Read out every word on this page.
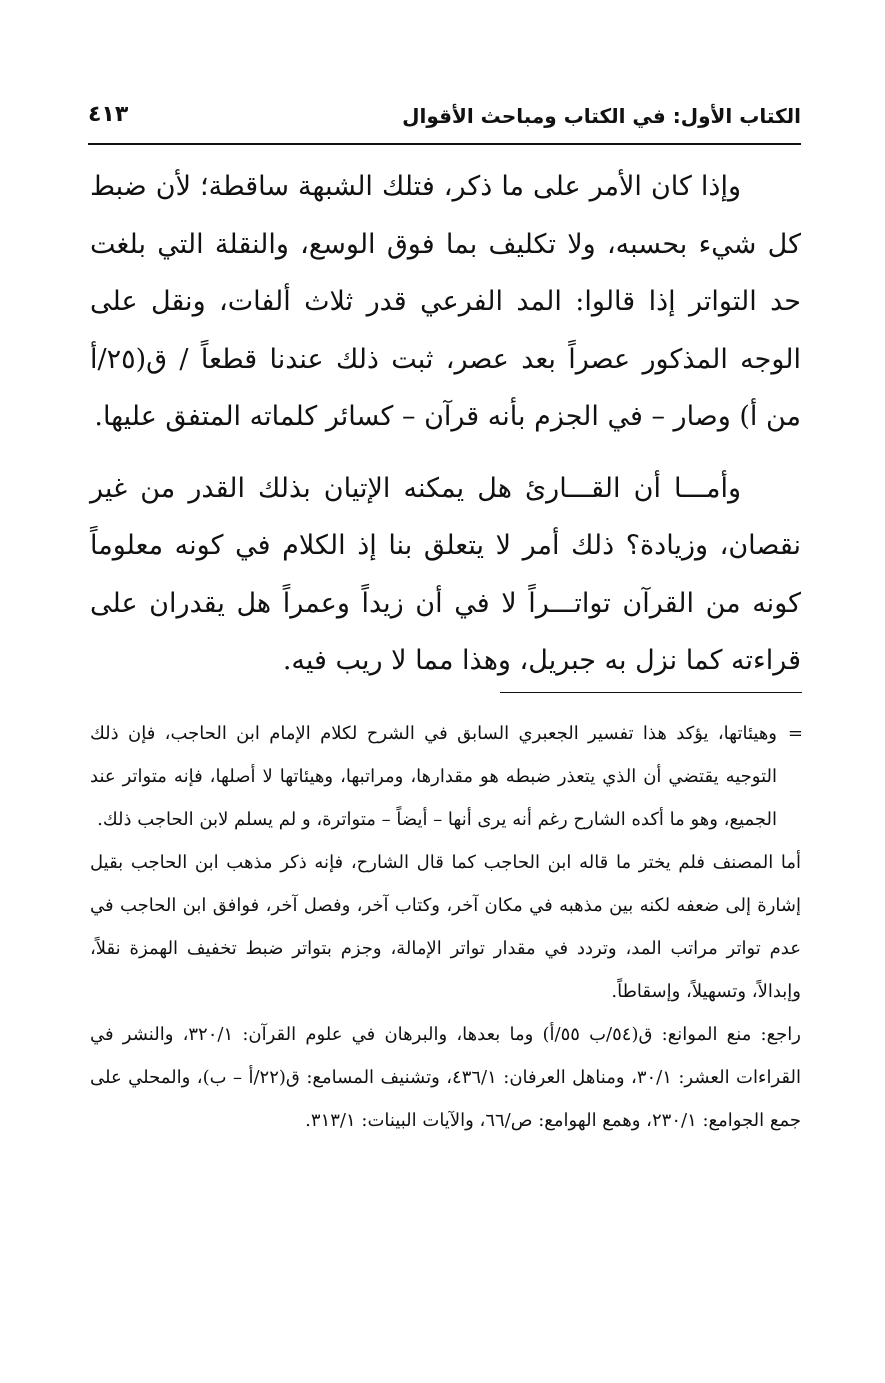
الكتاب الأول: في الكتاب ومباحث الأقوال
٤١٣

وإذا كان الأمر على ما ذكر، فتلك الشبهة ساقطة؛ لأن ضبط كل شيء بحسبه، ولا تكليف بما فوق الوسع، والنقلة التي بلغت حد التواتر إذا قالوا: المد الفرعي قدر ثلاث ألفات، ونقل على الوجه المذكور عصراً بعد عصر، ثبت ذلك عندنا قطعاً / ق(٢٥/أ من أ) وصار – في الجزم بأنه قرآن – كسائر كلماته المتفق عليها.

وأمـــا أن القـــارئ هل يمكنه الإتيان بذلك القدر من غير نقصان، وزيادة؟ ذلك أمر لا يتعلق بنا إذ الكلام في كونه معلوماً كونه من القرآن تواتـــراً لا في أن زيداً وعمراً هل يقدران على قراءته كما نزل به جبريل، وهذا مما لا ريب فيه.

=
وهيئاتها، يؤكد هذا تفسير الجعبري السابق في الشرح لكلام الإمام ابن الحاجب، فإن ذلك التوجيه يقتضي أن الذي يتعذر ضبطه هو مقدارها، ومراتبها، وهيئاتها لا أصلها، فإنه متواتر عند الجميع، وهو ما أكده الشارح رغم أنه يرى أنها – أيضاً – متواترة، و لم يسلم لابن الحاجب ذلك.

أما المصنف فلم يختر ما قاله ابن الحاجب كما قال الشارح، فإنه ذكر مذهب ابن الحاجب بقيل إشارة إلى ضعفه لكنه بين مذهبه في مكان آخر، وكتاب آخر، وفصل آخر، فوافق ابن الحاجب في عدم تواتر مراتب المد، وتردد في مقدار تواتر الإمالة، وجزم بتواتر ضبط تخفيف الهمزة نقلاً، وإبدالاً، وتسهيلاً، وإسقاطاً.

راجع: منع الموانع: ق(٥٤/ب ٥٥/أ) وما بعدها، والبرهان في علوم القرآن: ٣٢٠/١، والنشر في القراءات العشر: ٣٠/١، ومناهل العرفان: ٤٣٦/١، وتشنيف المسامع: ق(٢٢/أ – ب)، والمحلي على جمع الجوامع: ٢٣٠/١، وهمع الهوامع: ص/٦٦، والآيات البينات: ٣١٣/١.
